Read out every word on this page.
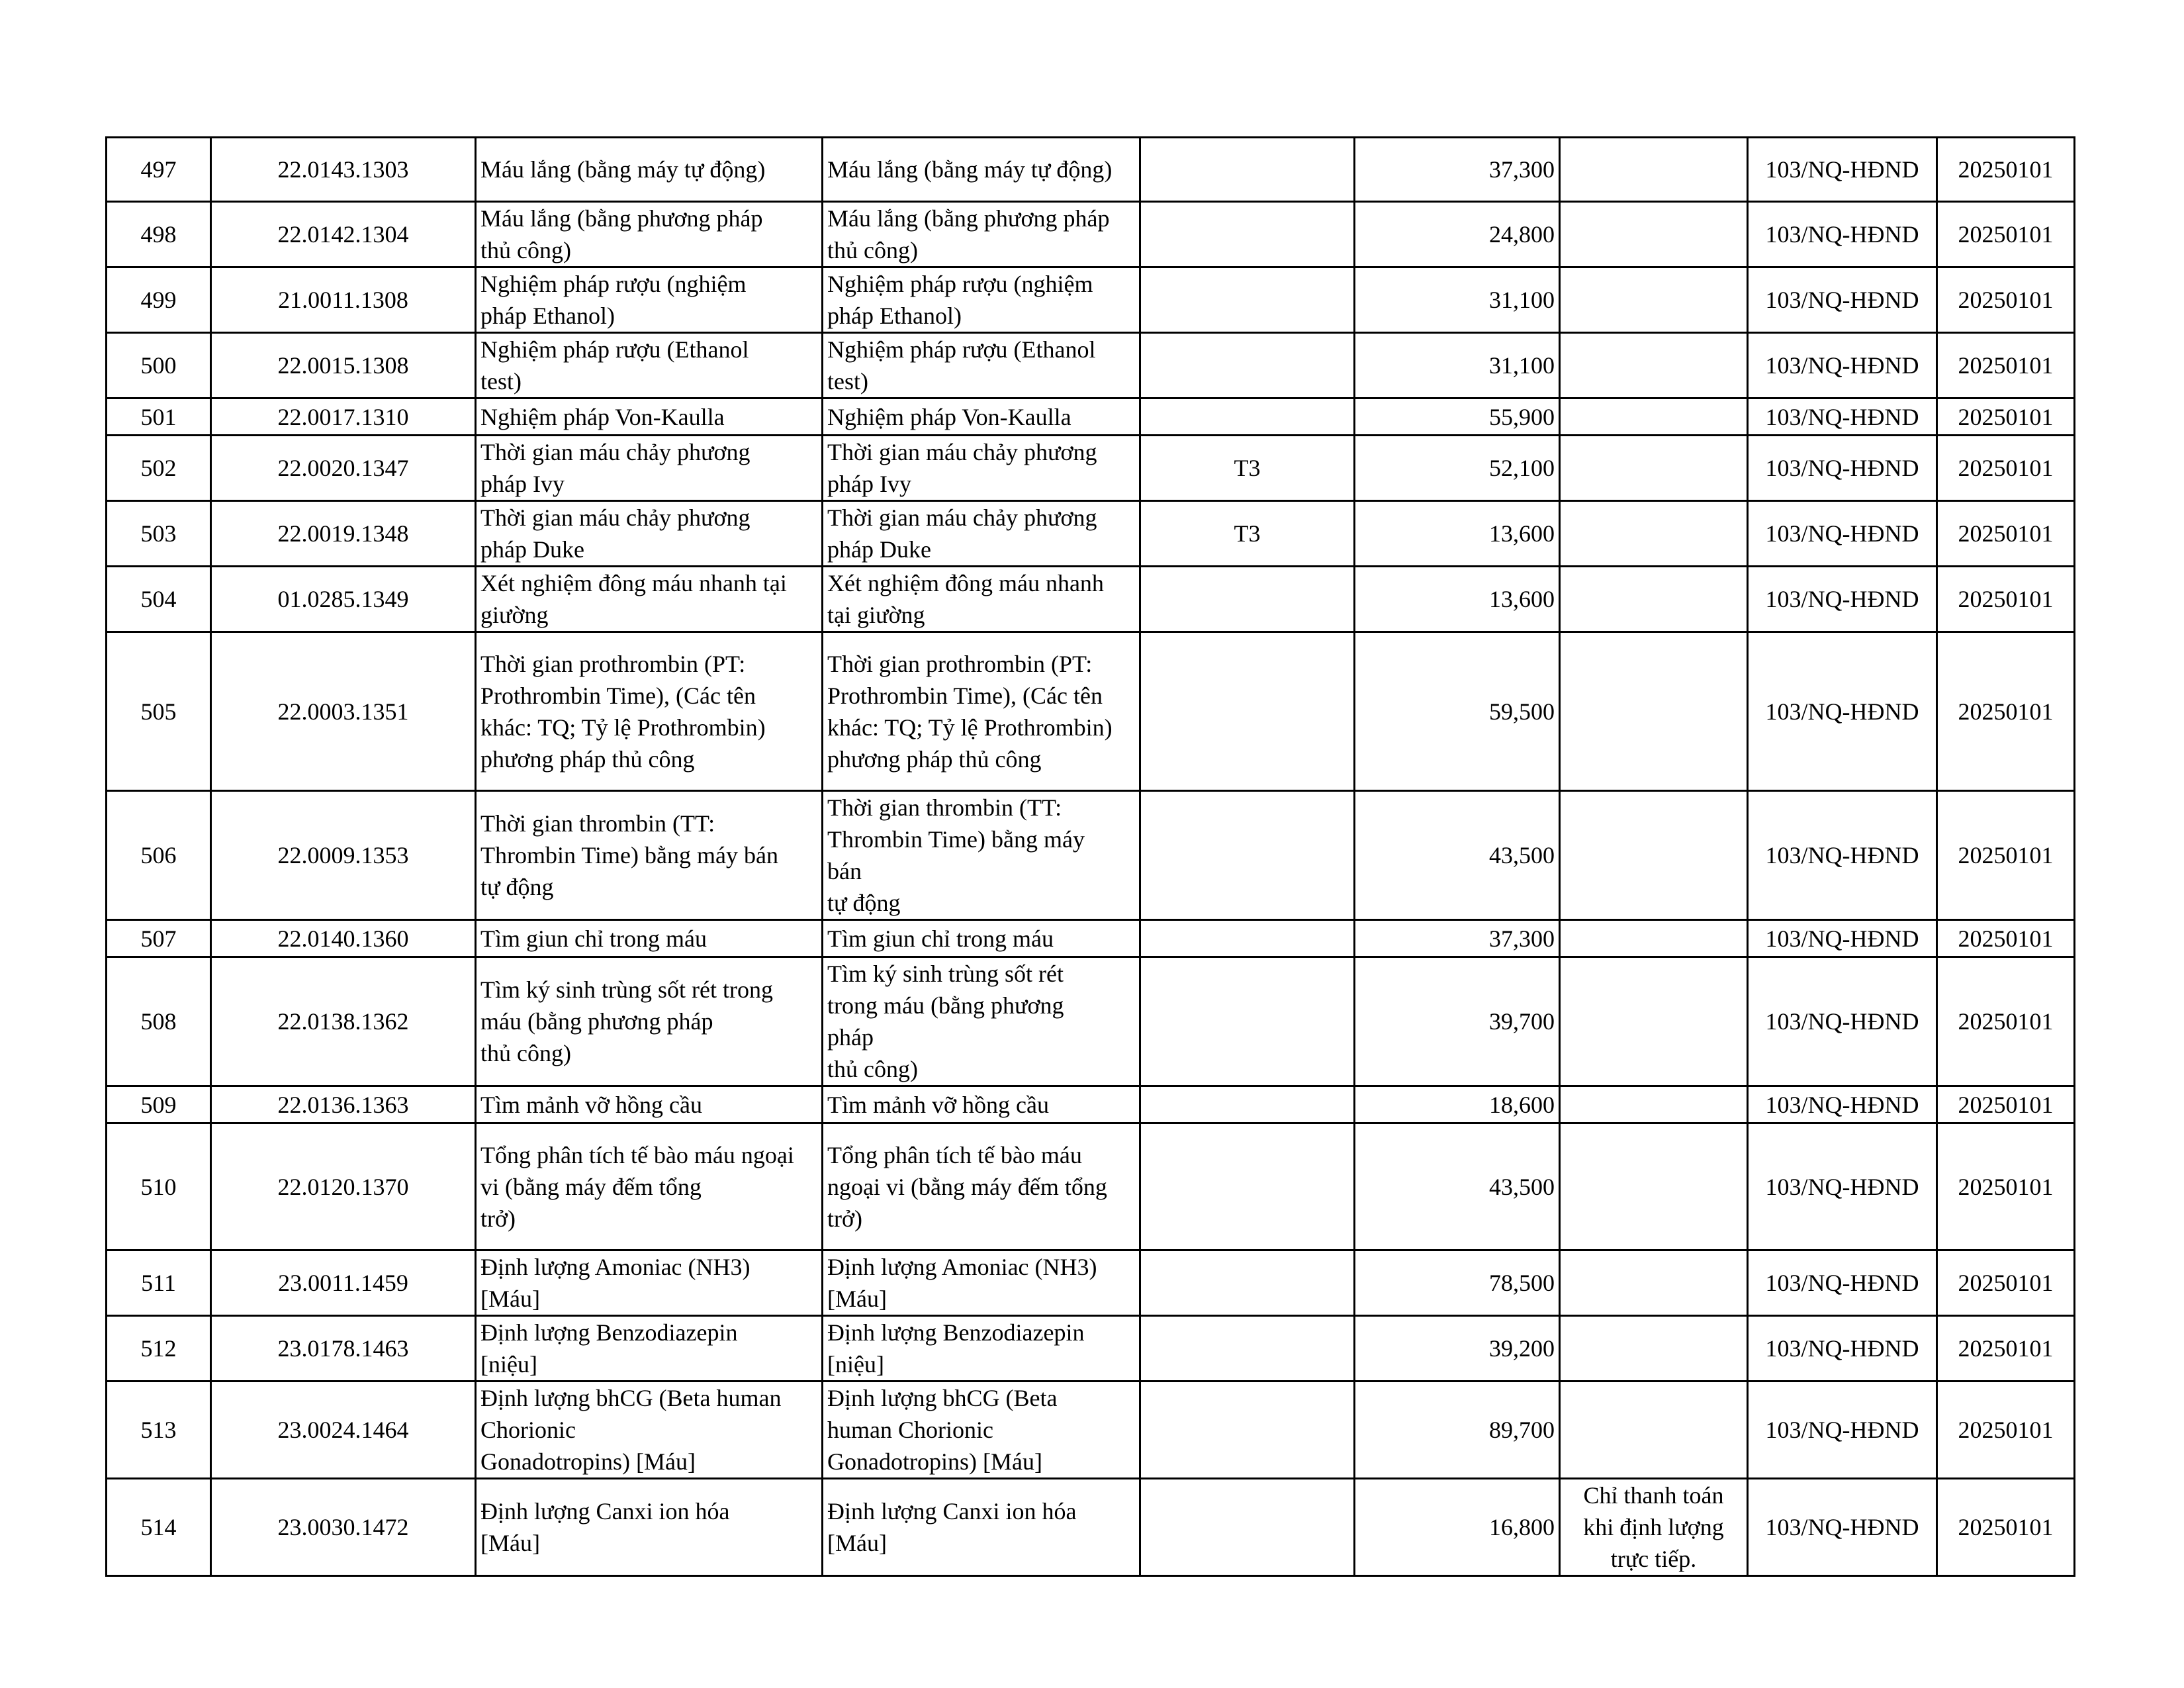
497	22.0143.1303	Máu lắng (bằng máy tự động)	Máu lắng (bằng máy tự động)		37,300		103/NQ-HĐND	20250101
498	22.0142.1304	Máu lắng (bằng phương pháp
thủ công)	Máu lắng (bằng phương pháp
thủ công)		24,800		103/NQ-HĐND	20250101
499	21.0011.1308	Nghiệm pháp rượu (nghiệm
pháp Ethanol)	Nghiệm pháp rượu (nghiệm
pháp Ethanol)		31,100		103/NQ-HĐND	20250101
500	22.0015.1308	Nghiệm pháp rượu (Ethanol
test)	Nghiệm pháp rượu (Ethanol
test)		31,100		103/NQ-HĐND	20250101
501	22.0017.1310	Nghiệm pháp Von-Kaulla	Nghiệm pháp Von-Kaulla		55,900		103/NQ-HĐND	20250101
502	22.0020.1347	Thời gian máu chảy phương
pháp Ivy	Thời gian máu chảy phương
pháp Ivy	T3	52,100		103/NQ-HĐND	20250101
503	22.0019.1348	Thời gian máu chảy phương
pháp Duke	Thời gian máu chảy phương
pháp Duke	T3	13,600		103/NQ-HĐND	20250101
504	01.0285.1349	Xét nghiệm đông máu nhanh tại
giường	Xét nghiệm đông máu nhanh
tại giường		13,600		103/NQ-HĐND	20250101
505	22.0003.1351	Thời gian prothrombin (PT:
Prothrombin Time), (Các tên
khác: TQ; Tỷ lệ Prothrombin)
phương pháp thủ công	Thời gian prothrombin (PT:
Prothrombin Time), (Các tên
khác: TQ; Tỷ lệ Prothrombin)
phương pháp thủ công		59,500		103/NQ-HĐND	20250101
506	22.0009.1353	Thời gian thrombin (TT:
Thrombin Time) bằng máy bán
tự động	Thời gian thrombin (TT:
Thrombin Time) bằng máy
bán
tự động		43,500		103/NQ-HĐND	20250101
507	22.0140.1360	Tìm giun chỉ trong máu	Tìm giun chỉ trong máu		37,300		103/NQ-HĐND	20250101
508	22.0138.1362	Tìm ký sinh trùng sốt rét trong
máu (bằng phương pháp
thủ công)	Tìm ký sinh trùng sốt rét
trong máu (bằng phương
pháp
thủ công)		39,700		103/NQ-HĐND	20250101
509	22.0136.1363	Tìm mảnh vỡ hồng cầu	Tìm mảnh vỡ hồng cầu		18,600		103/NQ-HĐND	20250101
510	22.0120.1370	Tổng phân tích tế bào máu ngoại
vi (bằng máy đếm tổng
trở)	Tổng phân tích tế bào máu
ngoại vi (bằng máy đếm tổng
trở)		43,500		103/NQ-HĐND	20250101
511	23.0011.1459	Định lượng Amoniac (NH3)
[Máu]	Định lượng Amoniac (NH3)
[Máu]		78,500		103/NQ-HĐND	20250101
512	23.0178.1463	Định lượng Benzodiazepin
[niệu]	Định lượng Benzodiazepin
[niệu]		39,200		103/NQ-HĐND	20250101
513	23.0024.1464	Định lượng bhCG (Beta human
Chorionic
Gonadotropins) [Máu]	Định lượng bhCG (Beta
human Chorionic
Gonadotropins) [Máu]		89,700		103/NQ-HĐND	20250101
514	23.0030.1472	Định lượng Canxi ion hóa
[Máu]	Định lượng Canxi ion hóa
[Máu]		16,800	Chỉ thanh toán
khi định lượng
trực tiếp.	103/NQ-HĐND	20250101
